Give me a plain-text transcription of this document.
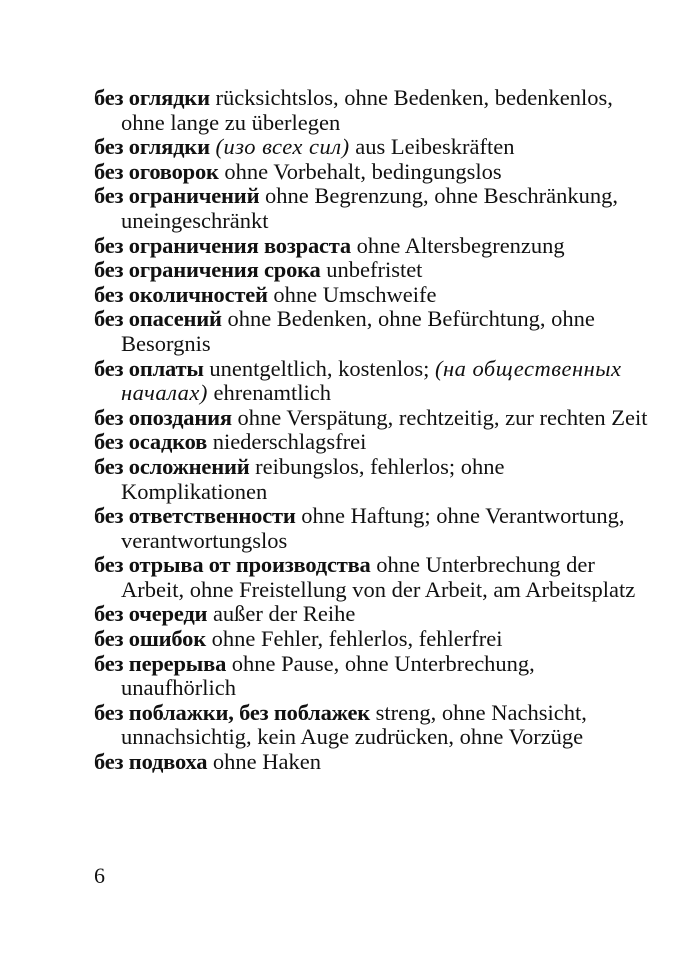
без оглядки rücksichtslos, ohne Bedenken, bedenkenlos, ohne lange zu überlegen

без оглядки (изо всех сил) aus Leibeskräften

без оговорок ohne Vorbehalt, bedingungslos

без ограничений ohne Begrenzung, ohne Beschränkung, uneingeschränkt

без ограничения возраста ohne Altersbegrenzung

без ограничения срока unbefristet

без околичностей ohne Umschweife

без опасений ohne Bedenken, ohne Befürchtung, ohne Besorgnis

без оплаты unentgeltlich, kostenlos; (на общественных началах) ehrenamtlich

без опоздания ohne Verspätung, rechtzeitig, zur rechten Zeit

без осадков niederschlagsfrei

без осложнений reibungslos, fehlerlos; ohne Komplikationen

без ответственности ohne Haftung; ohne Verantwortung, verantwortungslos

без отрыва от производства ohne Unterbrechung der Arbeit, ohne Freistellung von der Arbeit, am Arbeitsplatz

без очереди außer der Reihe

без ошибок ohne Fehler, fehlerlos, fehlerfrei

без перерыва ohne Pause, ohne Unterbrechung, unaufhörlich

без поблажки, без поблажек streng, ohne Nachsicht, unnachsichtig, kein Auge zudrücken, ohne Vorzüge

без подвоха ohne Haken

6
